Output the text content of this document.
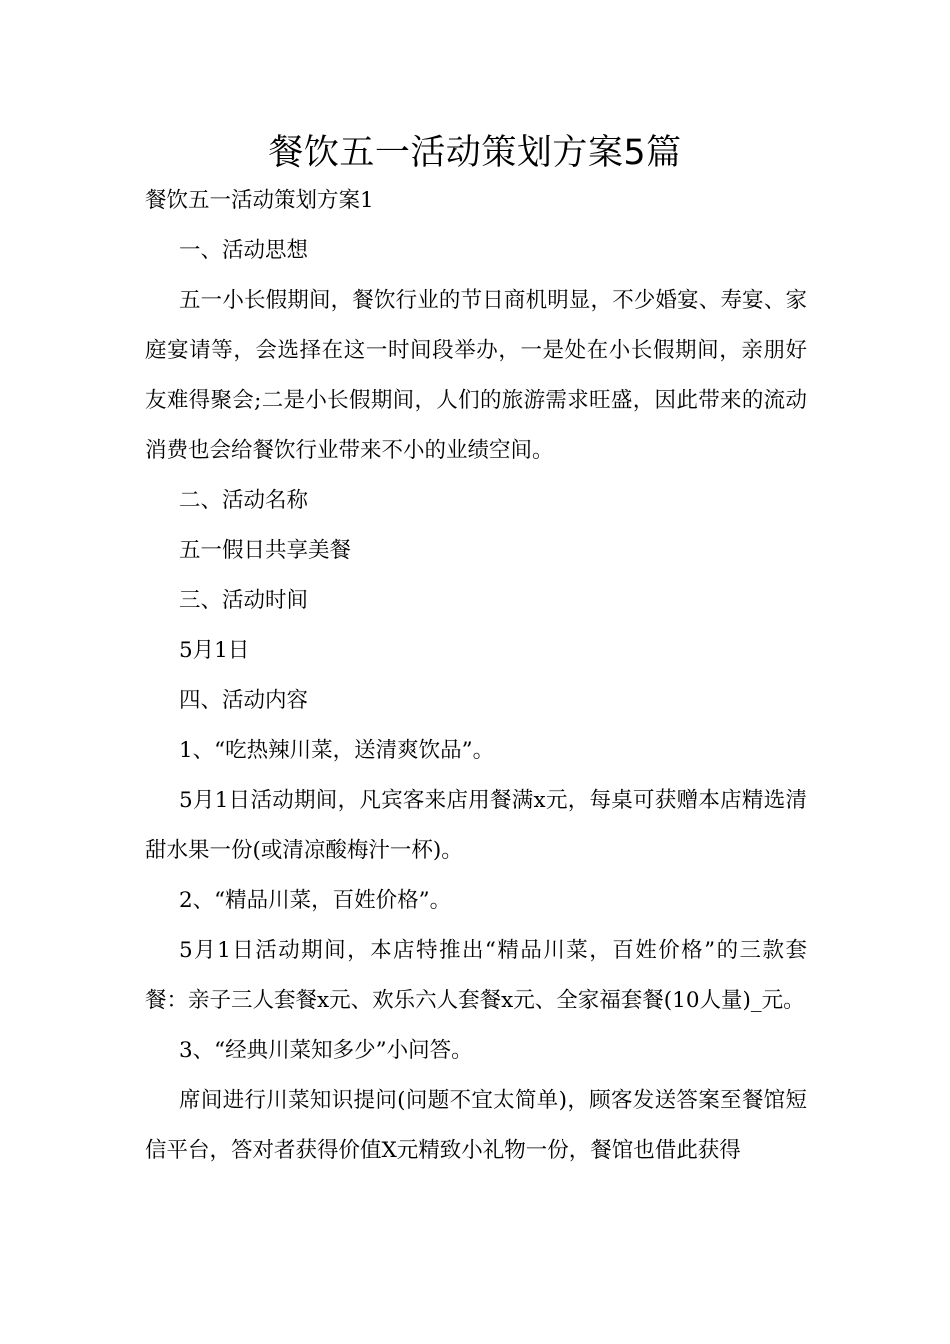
餐饮五一活动策划方案5篇

餐饮五一活动策划方案1

一、活动思想

五一小长假期间，餐饮行业的节日商机明显，不少婚宴、寿宴、家庭宴请等，会选择在这一时间段举办，一是处在小长假期间，亲朋好友难得聚会;二是小长假期间，人们的旅游需求旺盛，因此带来的流动消费也会给餐饮行业带来不小的业绩空间。

二、活动名称

五一假日共享美餐

三、活动时间

5月1日

四、活动内容

1、“吃热辣川菜，送清爽饮品”。

5月1日活动期间，凡宾客来店用餐满x元，每桌可获赠本店精选清甜水果一份(或清凉酸梅汁一杯)。

2、“精品川菜，百姓价格”。

5月1日活动期间，本店特推出“精品川菜，百姓价格”的三款套餐：亲子三人套餐x元、欢乐六人套餐x元、全家福套餐(10人量)_元。

3、“经典川菜知多少”小问答。

席间进行川菜知识提问(问题不宜太简单)，顾客发送答案至餐馆短信平台，答对者获得价值X元精致小礼物一份，餐馆也借此获得
